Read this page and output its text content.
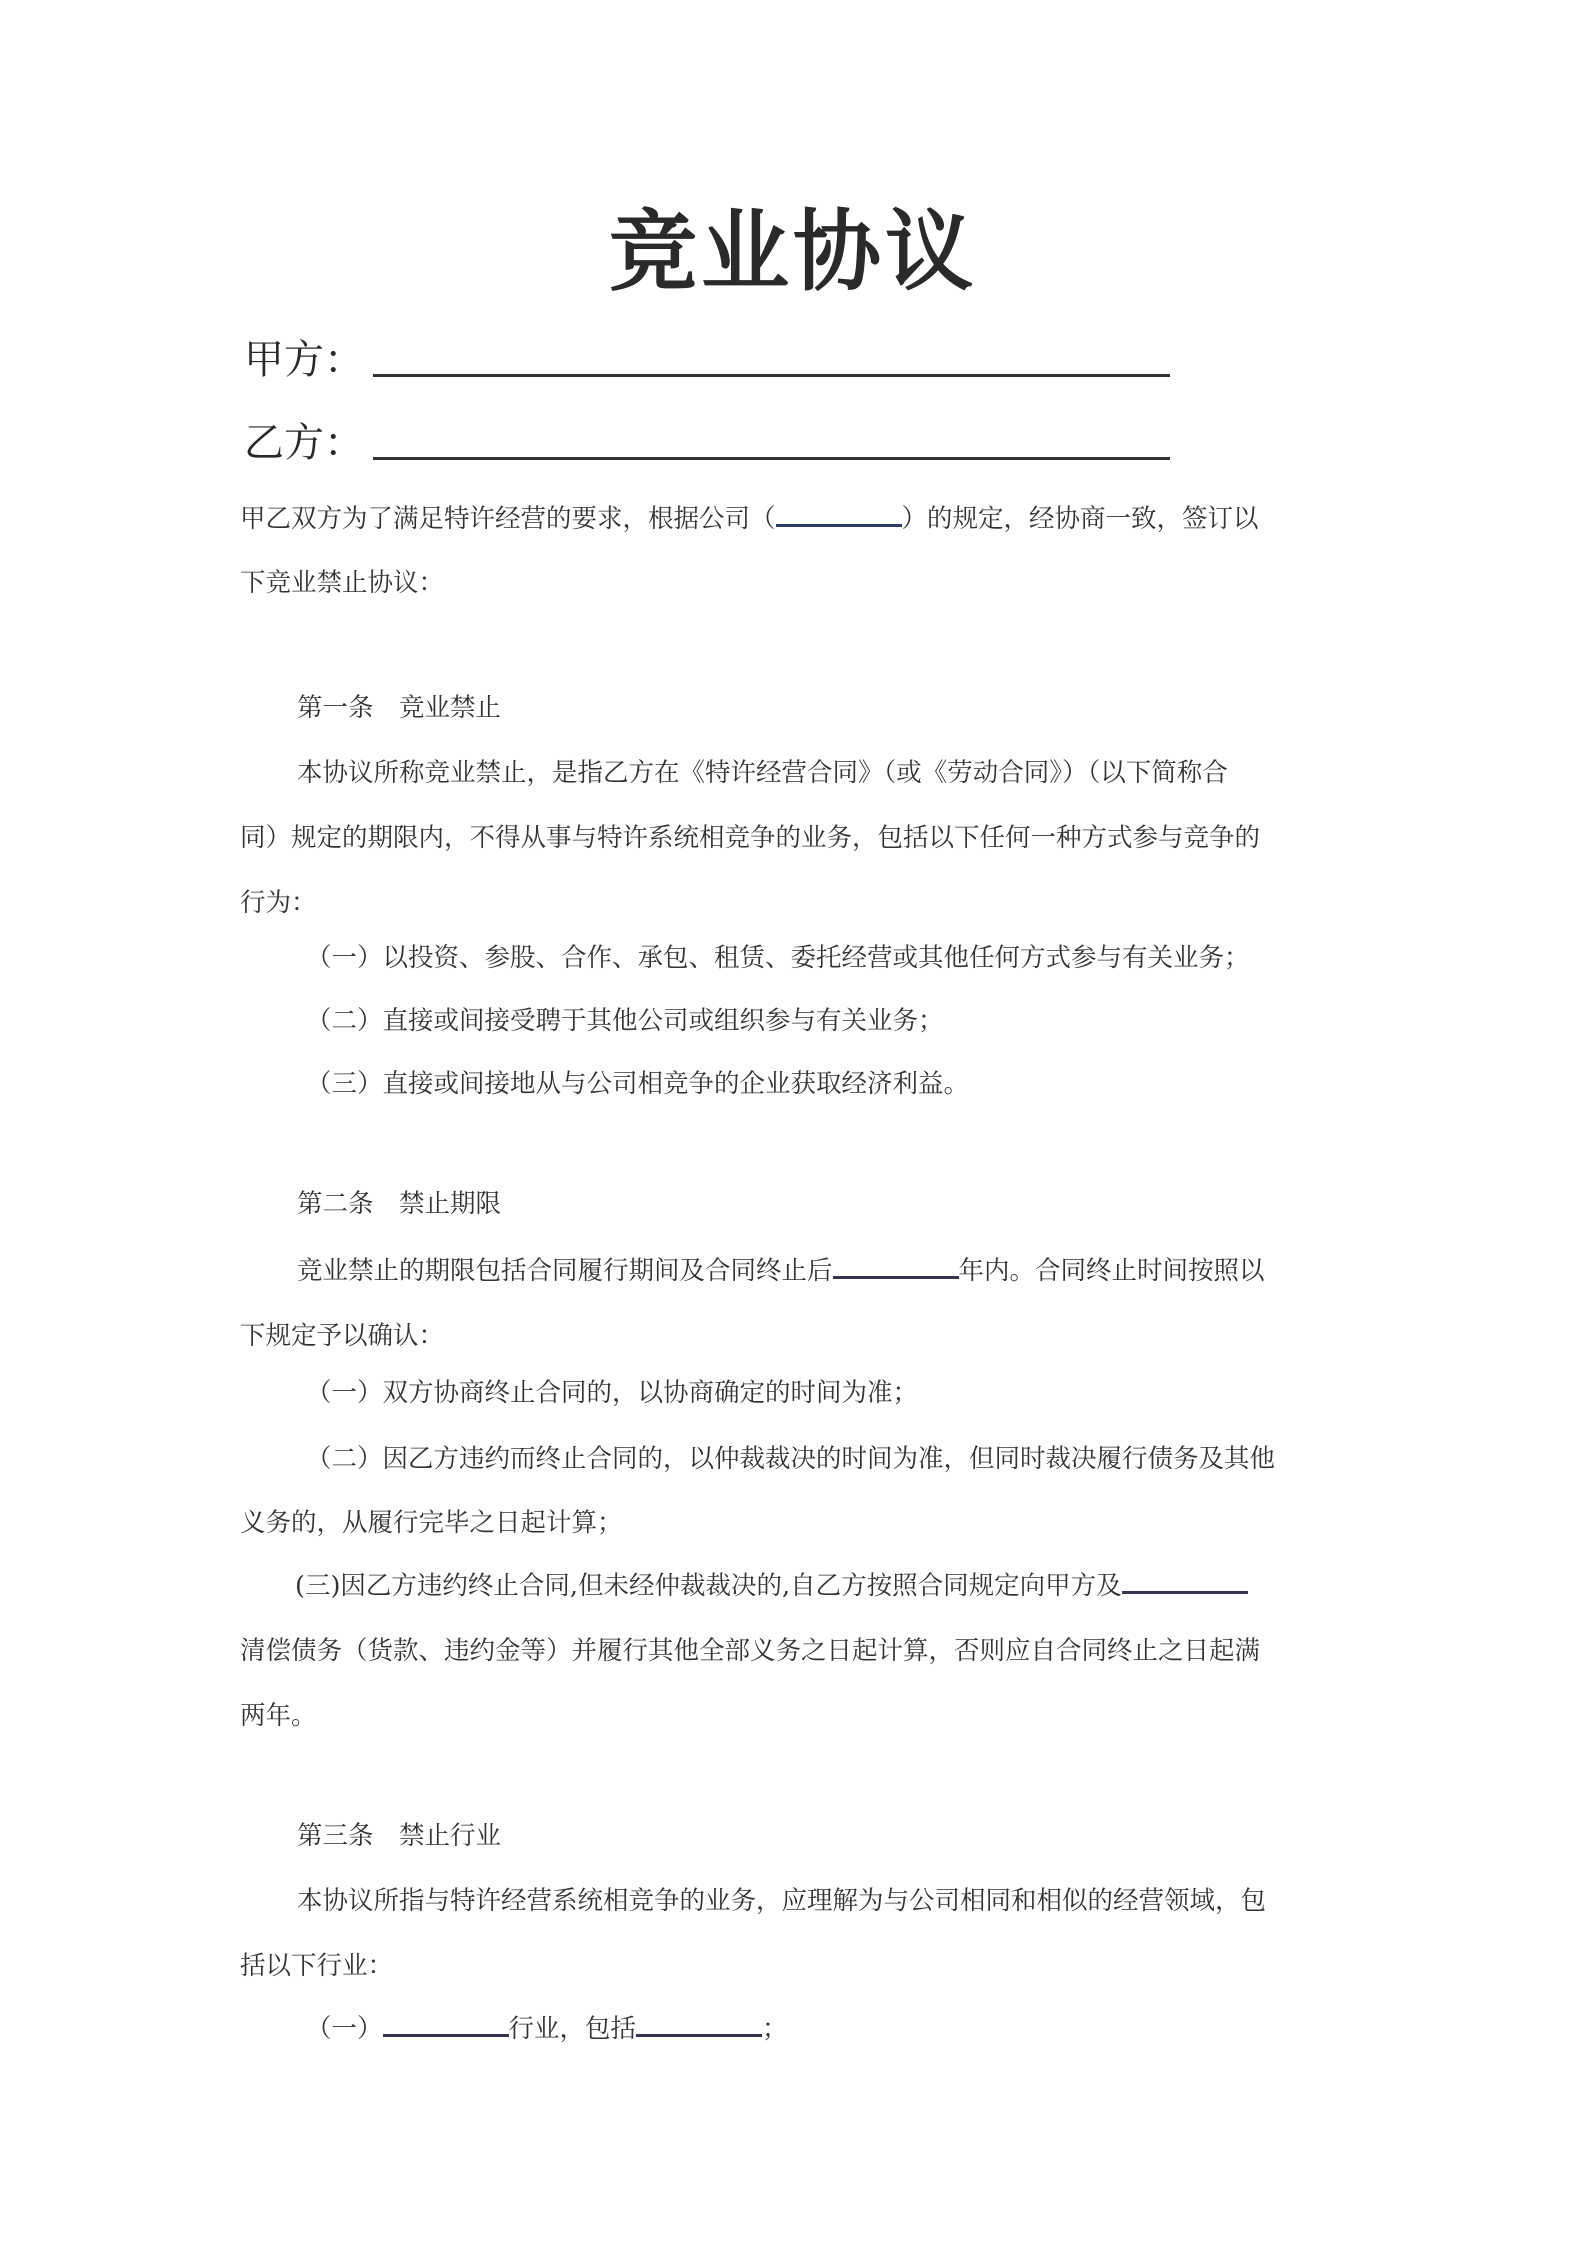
竞业协议
甲方：
乙方：
甲乙双方为了满足特许经营的要求，根据公司（	）的规定，经协商一致，签订以
下竞业禁止协议：
第一条　竞业禁止
本协议所称竞业禁止，是指乙方在《特许经营合同》（或《劳动合同》）（以下简称合
同）规定的期限内，不得从事与特许系统相竞争的业务，包括以下任何一种方式参与竞争的
行为：
（一）以投资、参股、合作、承包、租赁、委托经营或其他任何方式参与有关业务；
（二）直接或间接受聘于其他公司或组织参与有关业务；
（三）直接或间接地从与公司相竞争的企业获取经济利益。
第二条　禁止期限
竞业禁止的期限包括合同履行期间及合同终止后	年内。合同终止时间按照以
下规定予以确认：
（一）双方协商终止合同的，以协商确定的时间为准；
（二）因乙方违约而终止合同的，以仲裁裁决的时间为准，但同时裁决履行债务及其他
义务的，从履行完毕之日起计算；
(三)因乙方违约终止合同,但未经仲裁裁决的,自乙方按照合同规定向甲方及
清偿债务（货款、违约金等）并履行其他全部义务之日起计算，否则应自合同终止之日起满
两年。
第三条　禁止行业
本协议所指与特许经营系统相竞争的业务，应理解为与公司相同和相似的经营领域，包
括以下行业：
（一）	行业，包括	；
